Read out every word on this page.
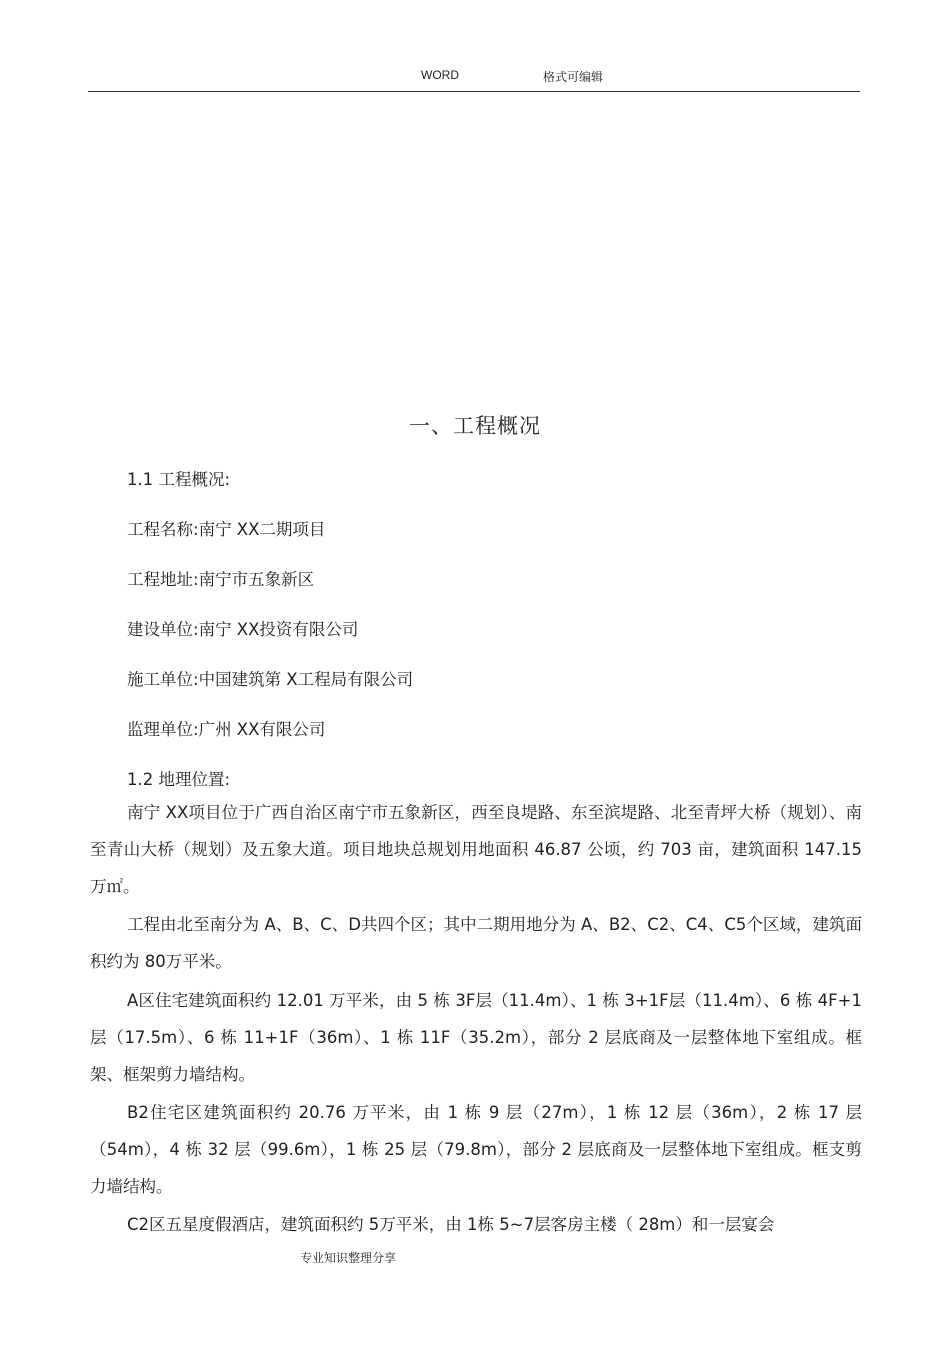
WORD	格式可编辑
一、工程概况
1.1 工程概况:
工程名称:南宁 XX二期项目
工程地址:南宁市五象新区
建设单位:南宁 XX投资有限公司
施工单位:中国建筑第 X工程局有限公司
监理单位:广州 XX有限公司
1.2 地理位置:
南宁 XX项目位于广西自治区南宁市五象新区，西至良堤路、东至滨堤路、北至青坪大桥（规划）、南至青山大桥（规划）及五象大道。项目地块总规划用地面积 46.87 公顷，约 703 亩，建筑面积 147.15 万㎡。
工程由北至南分为 A、B、C、D共四个区；其中二期用地分为 A、B2、C2、C4、C5个区域，建筑面积约为 80万平米。
A区住宅建筑面积约 12.01 万平米，由 5 栋 3F层（11.4m）、1 栋 3+1F层（11.4m）、6 栋 4F+1层（17.5m）、6 栋 11+1F（36m）、1 栋 11F（35.2m），部分 2 层底商及一层整体地下室组成。框架、框架剪力墙结构。
B2住宅区建筑面积约 20.76 万平米，由 1 栋 9 层（27m），1 栋 12 层（36m），2 栋 17 层（54m），4 栋 32 层（99.6m），1 栋 25 层（79.8m），部分 2 层底商及一层整体地下室组成。框支剪力墙结构。
C2区五星度假酒店，建筑面积约 5万平米，由 1栋 5~7层客房主楼（ 28m）和一层宴会
专业知识整理分享
